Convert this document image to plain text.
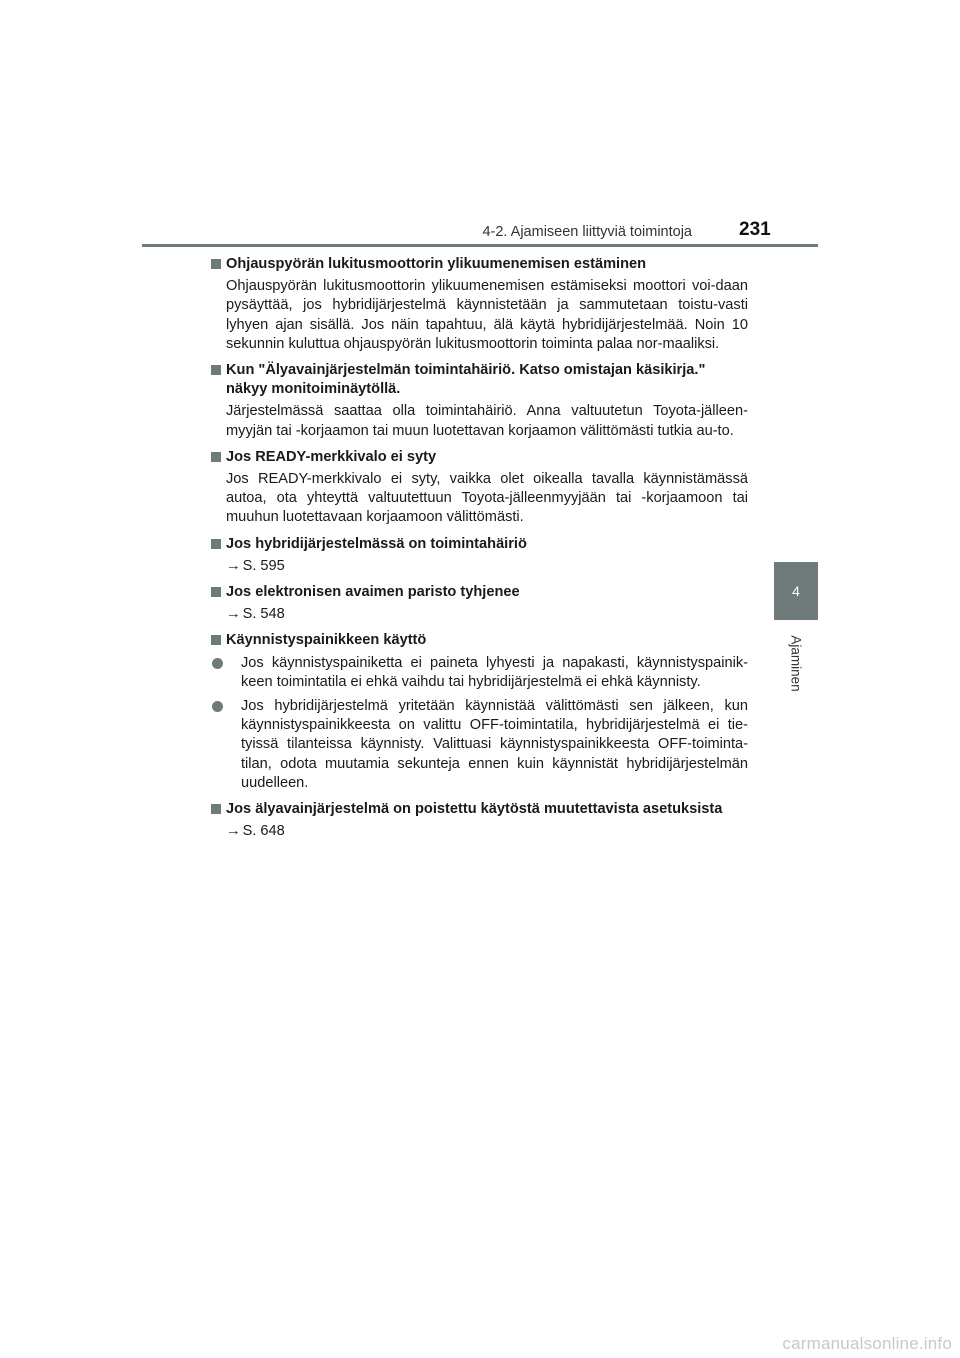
4-2. Ajamiseen liittyviä toimintoja 231
4
Ajaminen
Ohjauspyörän lukitusmoottorin ylikuumenemisen estäminen
Ohjauspyörän lukitusmoottorin ylikuumenemisen estämiseksi moottori voi-daan pysäyttää, jos hybridijärjestelmä käynnistetään ja sammutetaan toistu-vasti lyhyen ajan sisällä. Jos näin tapahtuu, älä käytä hybridijärjestelmää. Noin 10 sekunnin kuluttua ohjauspyörän lukitusmoottorin toiminta palaa nor-maaliksi.
Kun "Älyavainjärjestelmän toimintahäiriö. Katso omistajan käsikirja." näkyy monitoiminäytöllä.
Järjestelmässä saattaa olla toimintahäiriö. Anna valtuutetun Toyota-jälleen-myyjän tai -korjaamon tai muun luotettavan korjaamon välittömästi tutkia au-to.
Jos READY-merkkivalo ei syty
Jos READY-merkkivalo ei syty, vaikka olet oikealla tavalla käynnistämässä autoa, ota yhteyttä valtuutettuun Toyota-jälleenmyyjään tai -korjaamoon tai muuhun luotettavaan korjaamoon välittömästi.
Jos hybridijärjestelmässä on toimintahäiriö
→ S. 595
Jos elektronisen avaimen paristo tyhjenee
→ S. 548
Käynnistyspainikkeen käyttö
Jos käynnistyspainiketta ei paineta lyhyesti ja napakasti, käynnistyspainik-keen toimintatila ei ehkä vaihdu tai hybridijärjestelmä ei ehkä käynnisty.
Jos hybridijärjestelmä yritetään käynnistää välittömästi sen jälkeen, kun käynnistyspainikkeesta on valittu OFF-toimintatila, hybridijärjestelmä ei tie-tyissä tilanteissa käynnisty. Valittuasi käynnistyspainikkeesta OFF-toiminta-tilan, odota muutamia sekunteja ennen kuin käynnistät hybridijärjestelmän uudelleen.
Jos älyavainjärjestelmä on poistettu käytöstä muutettavista asetuksista
→ S. 648
carmanualsonline.info
